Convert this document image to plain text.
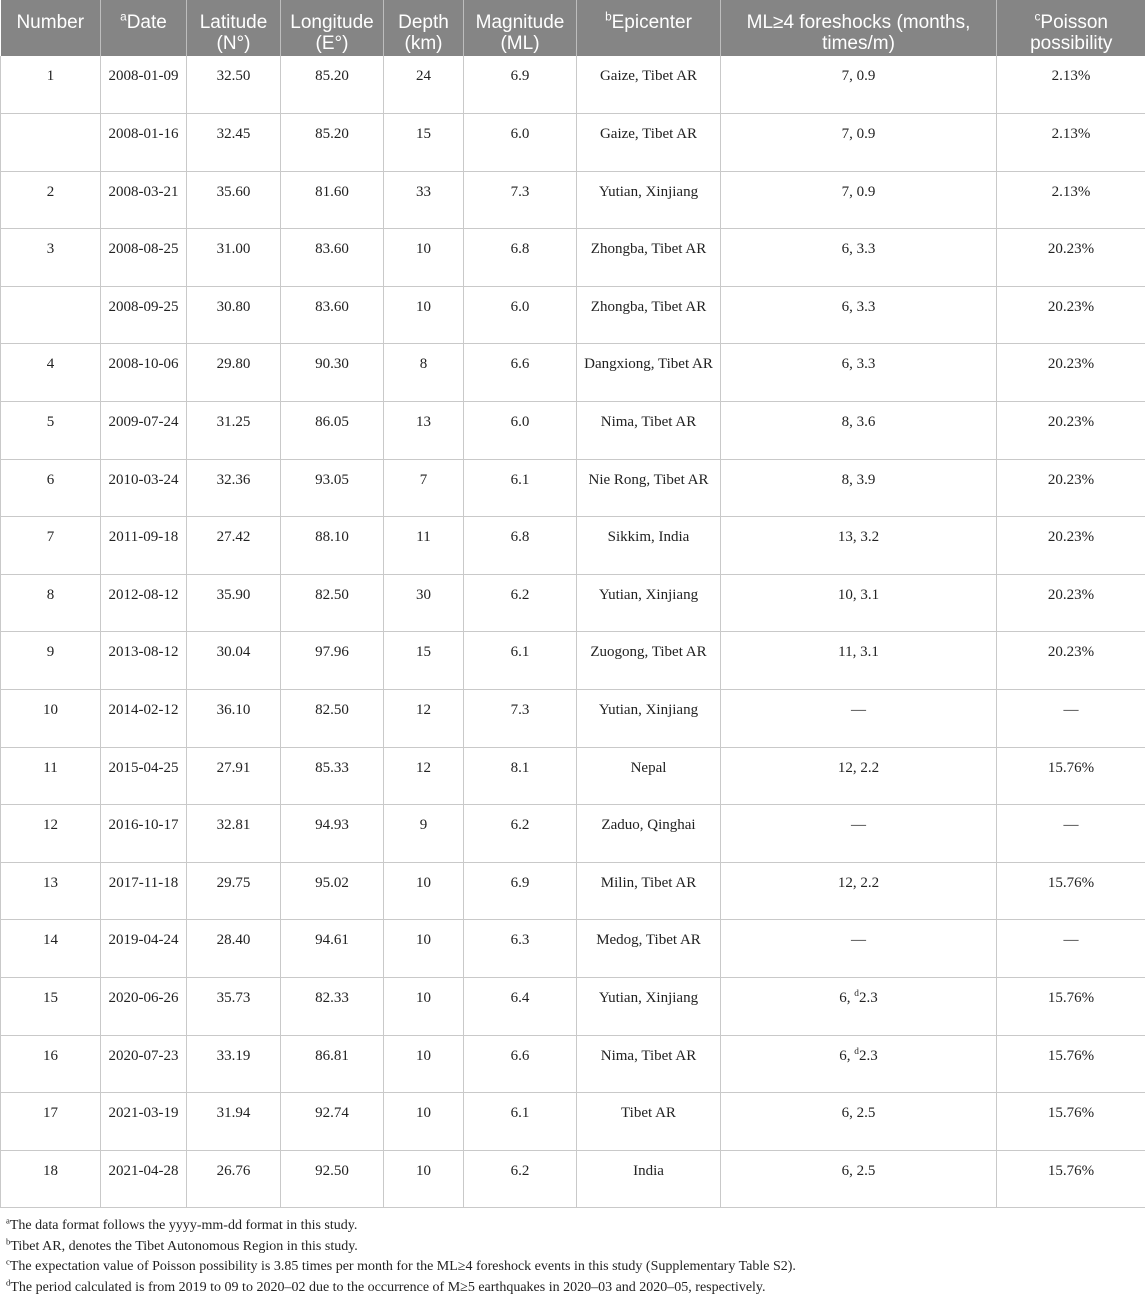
Number	$^a$Date	Latitude (N°)	Longitude (E°)	Depth (km)	Magnitude (ML)	$^b$Epicenter	ML≥4 foreshocks (months, times/m)	$^c$Poisson possibility
1	2008-01-09	32.50	85.20	24	6.9	Gaize, Tibet AR	7, 0.9	2.13%
	2008-01-16	32.45	85.20	15	6.0	Gaize, Tibet AR	7, 0.9	2.13%
2	2008-03-21	35.60	81.60	33	7.3	Yutian, Xinjiang	7, 0.9	2.13%
3	2008-08-25	31.00	83.60	10	6.8	Zhongba, Tibet AR	6, 3.3	20.23%
	2008-09-25	30.80	83.60	10	6.0	Zhongba, Tibet AR	6, 3.3	20.23%
4	2008-10-06	29.80	90.30	8	6.6	Dangxiong, Tibet AR	6, 3.3	20.23%
5	2009-07-24	31.25	86.05	13	6.0	Nima, Tibet AR	8, 3.6	20.23%
6	2010-03-24	32.36	93.05	7	6.1	Nie Rong, Tibet AR	8, 3.9	20.23%
7	2011-09-18	27.42	88.10	11	6.8	Sikkim, India	13, 3.2	20.23%
8	2012-08-12	35.90	82.50	30	6.2	Yutian, Xinjiang	10, 3.1	20.23%
9	2013-08-12	30.04	97.96	15	6.1	Zuogong, Tibet AR	11, 3.1	20.23%
10	2014-02-12	36.10	82.50	12	7.3	Yutian, Xinjiang	—	—
11	2015-04-25	27.91	85.33	12	8.1	Nepal	12, 2.2	15.76%
12	2016-10-17	32.81	94.93	9	6.2	Zaduo, Qinghai	—	—
13	2017-11-18	29.75	95.02	10	6.9	Milin, Tibet AR	12, 2.2	15.76%
14	2019-04-24	28.40	94.61	10	6.3	Medog, Tibet AR	—	—
15	2020-06-26	35.73	82.33	10	6.4	Yutian, Xinjiang	6, $^d$2.3	15.76%
16	2020-07-23	33.19	86.81	10	6.6	Nima, Tibet AR	6, $^d$2.3	15.76%
17	2021-03-19	31.94	92.74	10	6.1	Tibet AR	6, 2.5	15.76%
18	2021-04-28	26.76	92.50	10	6.2	India	6, 2.5	15.76%

$^a$The data format follows the yyyy-mm-dd format in this study.

$^b$Tibet AR, denotes the Tibet Autonomous Region in this study.

$^c$The expectation value of Poisson possibility is 3.85 times per month for the ML≥4 foreshock events in this study (Supplementary Table S2).

$^d$The period calculated is from 2019 to 09 to 2020–02 due to the occurrence of M≥5 earthquakes in 2020–03 and 2020–05, respectively.
